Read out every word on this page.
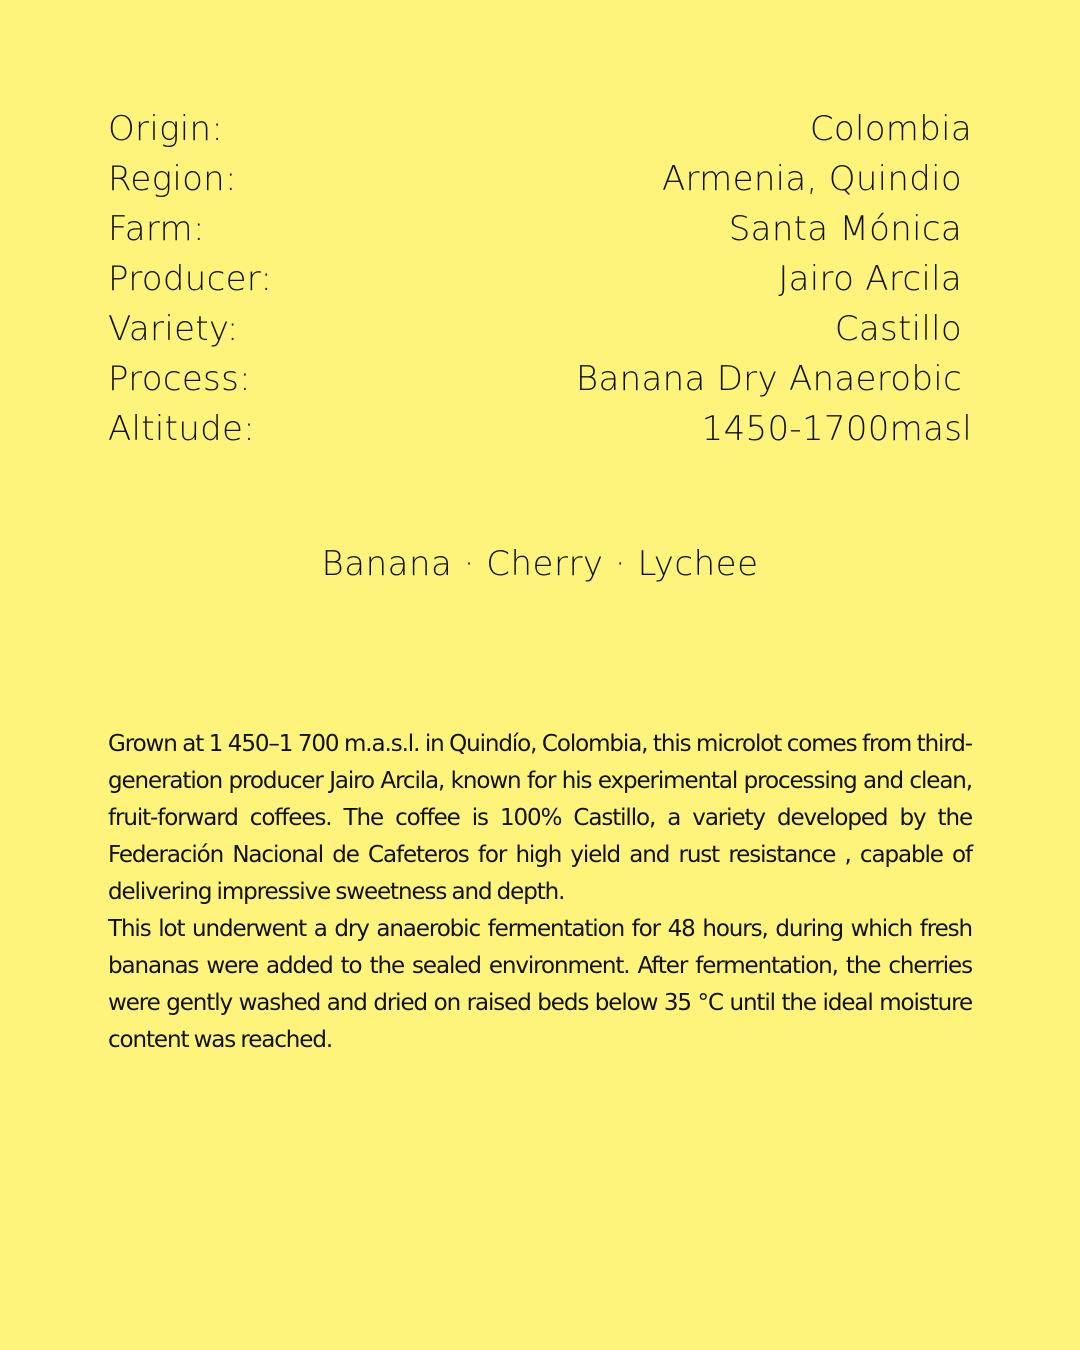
Origin:	Colombia
Region:	Armenia, Quindio
Farm:	Santa Mónica
Producer:	Jairo Arcila
Variety:	Castillo
Process:	Banana Dry Anaerobic
Altitude:	1450-1700masl
Banana · Cherry · Lychee

Grown at 1 450–1 700 m.a.s.l. in Quindío, Colombia, this microlot comes from third-generation producer Jairo Arcila, known for his experimental processing and clean, fruit-forward coffees. The coffee is 100% Castillo, a variety developed by the Federación Nacional de Cafeteros for high yield and rust resistance , capable of delivering impressive sweetness and depth.

This lot underwent a dry anaerobic fermentation for 48 hours, during which fresh bananas were added to the sealed environment. After fermentation, the cherries were gently washed and dried on raised beds below 35 °C until the ideal moisture content was reached.
